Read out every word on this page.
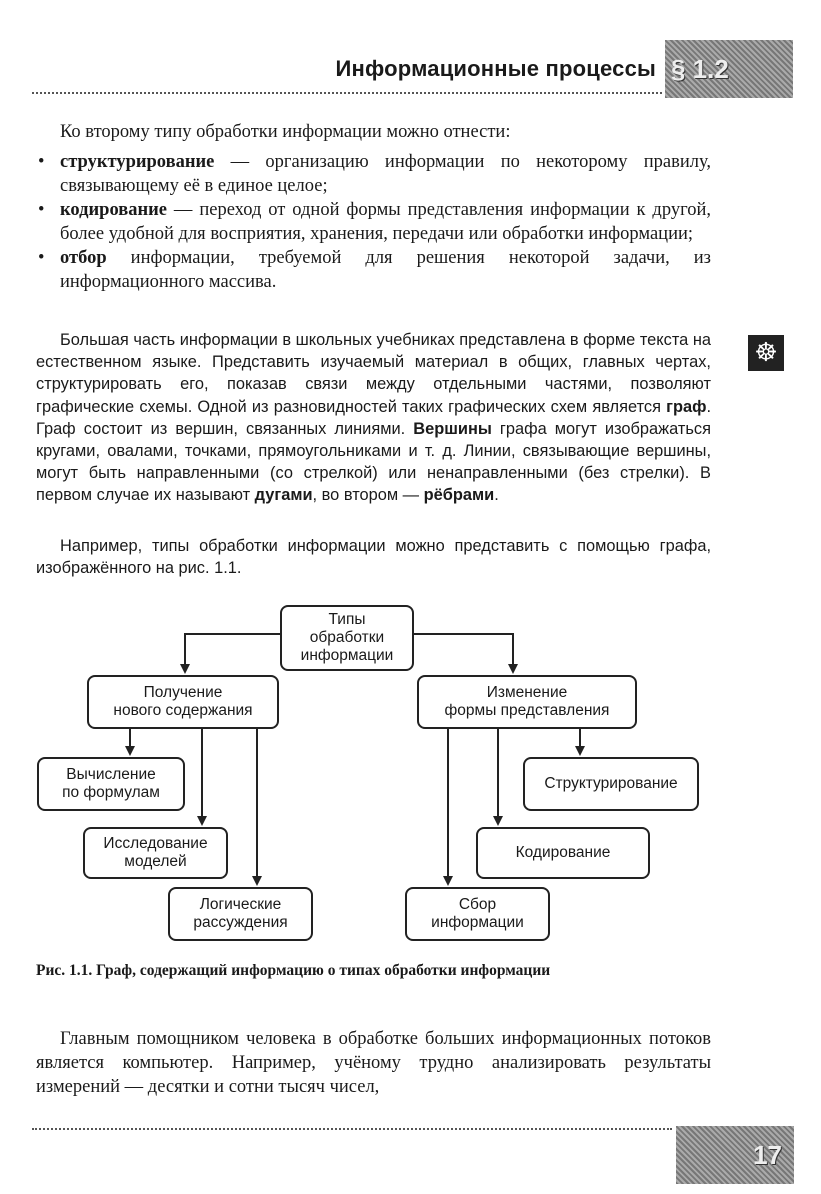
Информационные процессы § 1.2
Ко второму типу обработки информации можно отнести:
• структурирование — организацию информации по некоторому правилу, связывающему её в единое целое;
• кодирование — переход от одной формы представления информации к другой, более удобной для восприятия, хранения, передачи или обработки информации;
• отбор информации, требуемой для решения некоторой задачи, из информационного массива.
☸
Большая часть информации в школьных учебниках представлена в форме текста на естественном языке. Представить изучаемый материал в общих, главных чертах, структурировать его, показав связи между отдельными частями, позволяют графические схемы. Одной из разновидностей таких графических схем является граф. Граф состоит из вершин, связанных линиями. Вершины графа могут изображаться кругами, овалами, точками, прямоугольниками и т. д. Линии, связывающие вершины, могут быть направленными (со стрелкой) или ненаправленными (без стрелки). В первом случае их называют дугами, во втором — рёбрами.
Например, типы обработки информации можно представить с помощью графа, изображённого на рис. 1.1.
Типы
обработки
информации
Получение
нового содержания
Изменение
формы представления
Вычисление
по формулам
Исследование
моделей
Логические
рассуждения
Структурирование
Кодирование
Сбор
информации
Рис. 1.1. Граф, содержащий информацию о типах обработки информации
Главным помощником человека в обработке больших информационных потоков является компьютер. Например, учёному трудно анализировать результаты измерений — десятки и сотни тысяч чисел,
17
